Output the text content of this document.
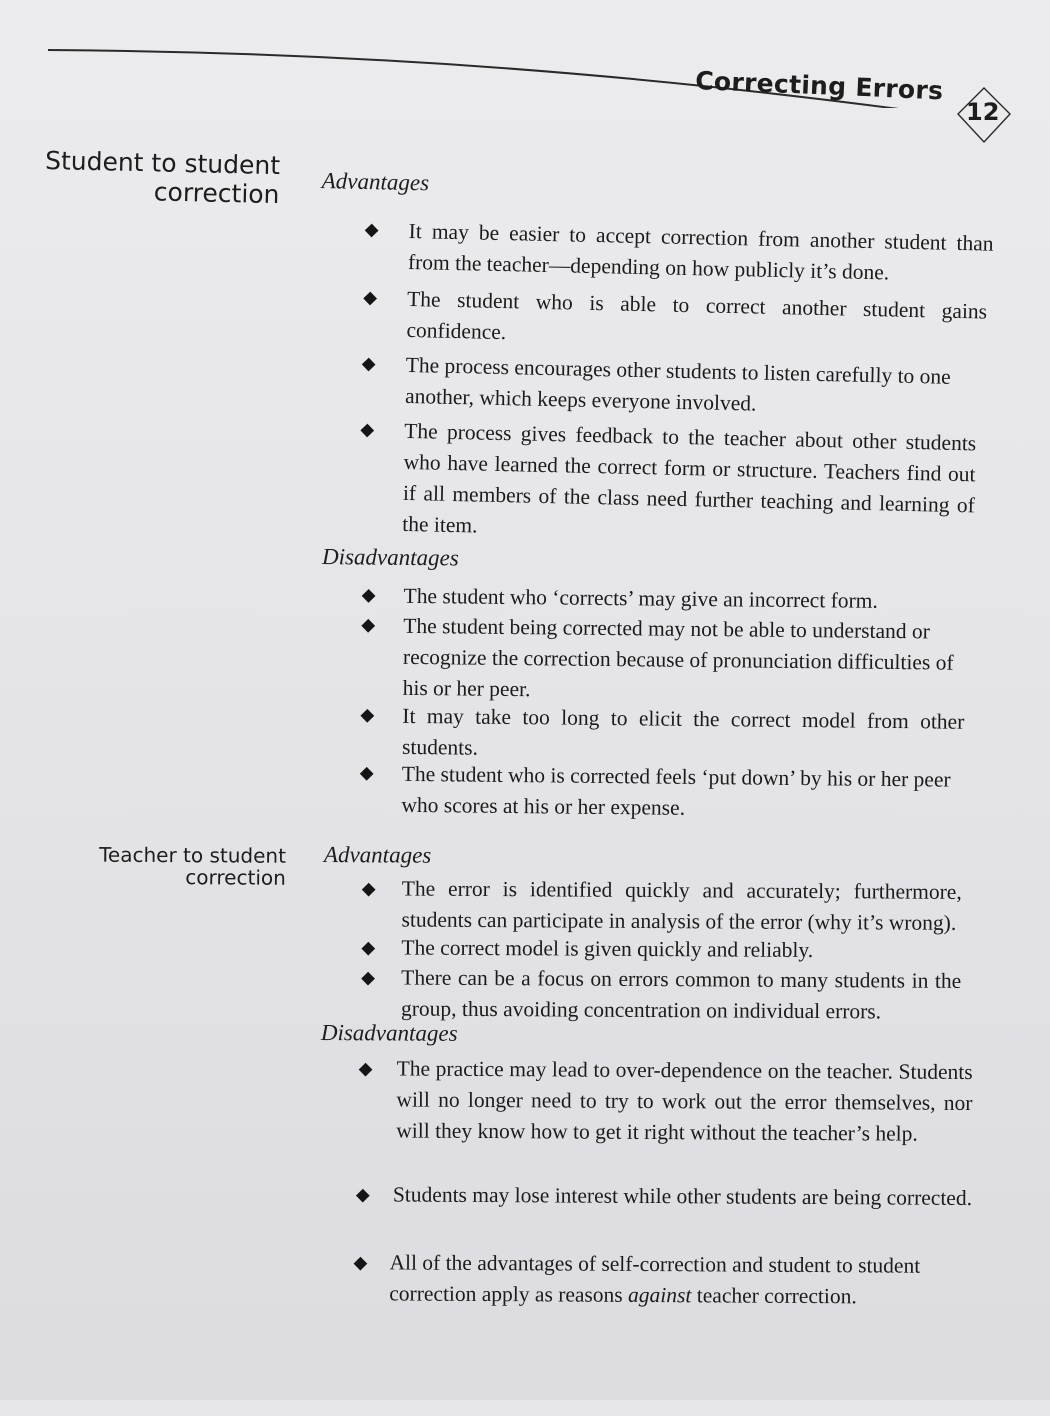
Correcting Errors
12
Student to student
correction Advantages
◆ It may be easier to accept correction from another student than from the teacher—depending on how publicly it’s done.
◆ The student who is able to correct another student gains confidence.
◆ The process encourages other students to listen carefully to one another, which keeps everyone involved.
◆ The process gives feedback to the teacher about other students who have learned the correct form or structure. Teachers find out if all members of the class need further teaching and learning of the item.
Disadvantages
◆ The student who ‘corrects’ may give an incorrect form.
◆ The student being corrected may not be able to understand or recognize the correction because of pronunciation difficulties of his or her peer.
◆ It may take too long to elicit the correct model from other students.
◆ The student who is corrected feels ‘put down’ by his or her peer who scores at his or her expense.
Teacher to student
correction
Advantages
◆ The error is identified quickly and accurately; furthermore, students can participate in analysis of the error (why it’s wrong).
◆ The correct model is given quickly and reliably.
◆ There can be a focus on errors common to many students in the group, thus avoiding concentration on individual errors.
Disadvantages
◆ The practice may lead to over-dependence on the teacher. Students will no longer need to try to work out the error themselves, nor will they know how to get it right without the teacher’s help.
◆ Students may lose interest while other students are being corrected.
◆ All of the advantages of self-correction and student to student correction apply as reasons against teacher correction.
